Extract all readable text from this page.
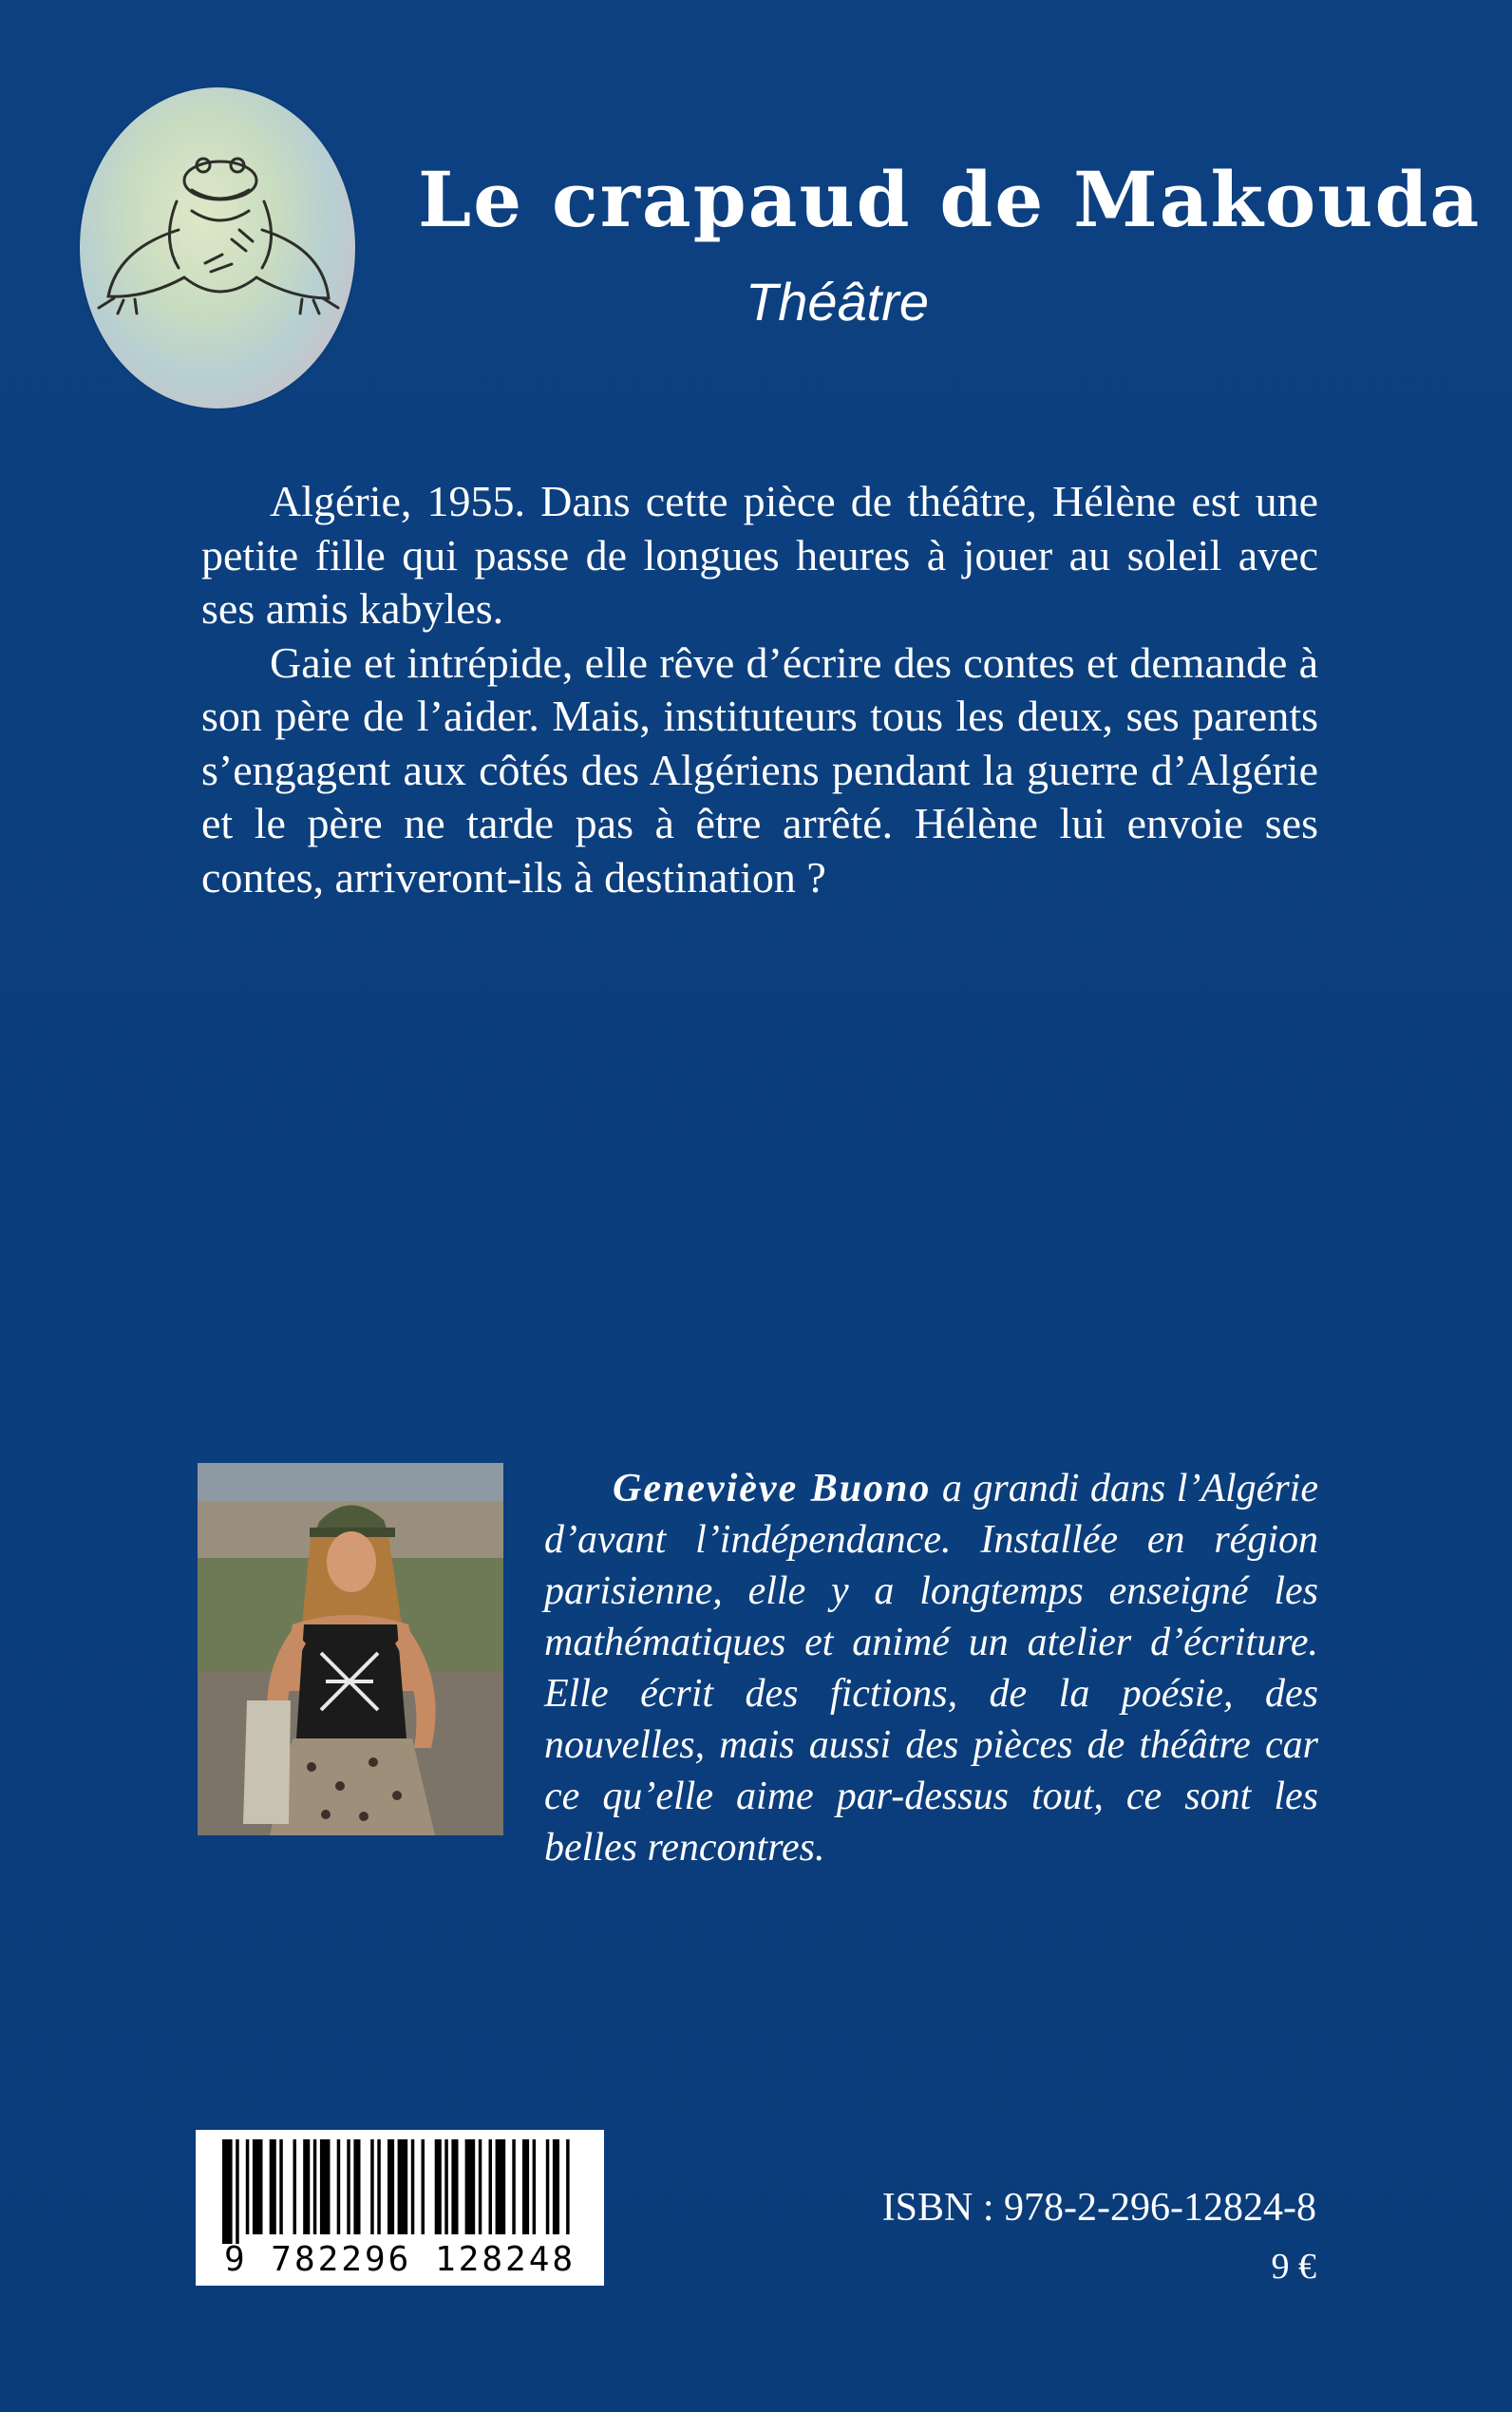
Le crapaud de Makouda
Théâtre

Algérie, 1955. Dans cette pièce de théâtre, Hélène est une petite fille qui passe de longues heures à jouer au soleil avec ses amis kabyles.

Gaie et intrépide, elle rêve d’écrire des contes et demande à son père de l’aider. Mais, instituteurs tous les deux, ses parents s’engagent aux côtés des Algériens pendant la guerre d’Algérie et le père ne tarde pas à être arrêté. Hélène lui envoie ses contes, arriveront-ils à destination ?

Geneviève Buono a grandi dans l’Algérie d’avant l’indépendance. Installée en région parisienne, elle y a longtemps enseigné les mathématiques et animé un atelier d’écriture. Elle écrit des fictions, de la poésie, des nouvelles, mais aussi des pièces de théâtre car ce qu’elle aime par-dessus tout, ce sont les belles rencontres.

9 782296 128248
ISBN : 978-2-296-12824-8
9 €
